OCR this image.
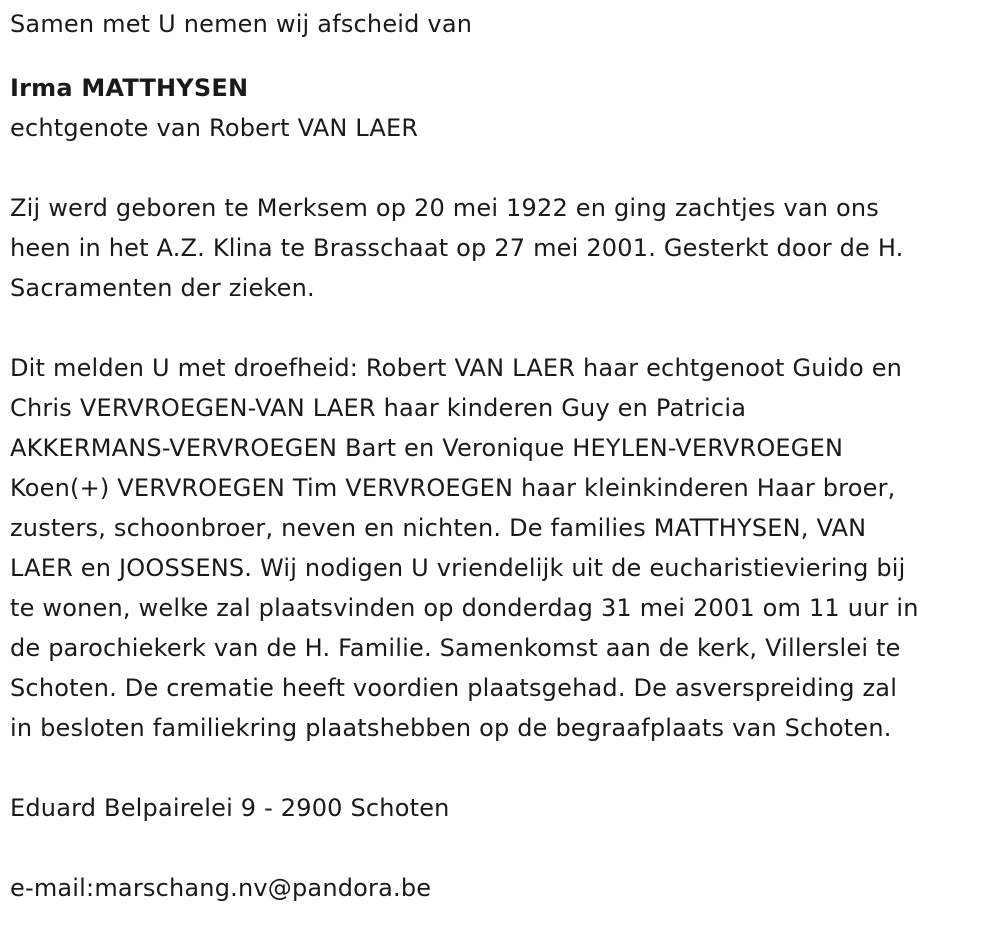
Samen met U nemen wij afscheid van
Irma MATTHYSEN
echtgenote van Robert VAN LAER
Zij werd geboren te Merksem op 20 mei 1922 en ging zachtjes van ons
heen in het A.Z. Klina te Brasschaat op 27 mei 2001. Gesterkt door de H.
Sacramenten der zieken.
Dit melden U met droefheid: Robert VAN LAER haar echtgenoot Guido en
Chris VERVROEGEN-VAN LAER haar kinderen Guy en Patricia
AKKERMANS-VERVROEGEN Bart en Veronique HEYLEN-VERVROEGEN
Koen(+) VERVROEGEN Tim VERVROEGEN haar kleinkinderen Haar broer,
zusters, schoonbroer, neven en nichten. De families MATTHYSEN, VAN
LAER en JOOSSENS. Wij nodigen U vriendelijk uit de eucharistieviering bij
te wonen, welke zal plaatsvinden op donderdag 31 mei 2001 om 11 uur in
de parochiekerk van de H. Familie. Samenkomst aan de kerk, Villerslei te
Schoten. De crematie heeft voordien plaatsgehad. De asverspreiding zal
in besloten familiekring plaatshebben op de begraafplaats van Schoten.
Eduard Belpairelei 9 - 2900 Schoten
e-mail:marschang.nv@pandora.be
